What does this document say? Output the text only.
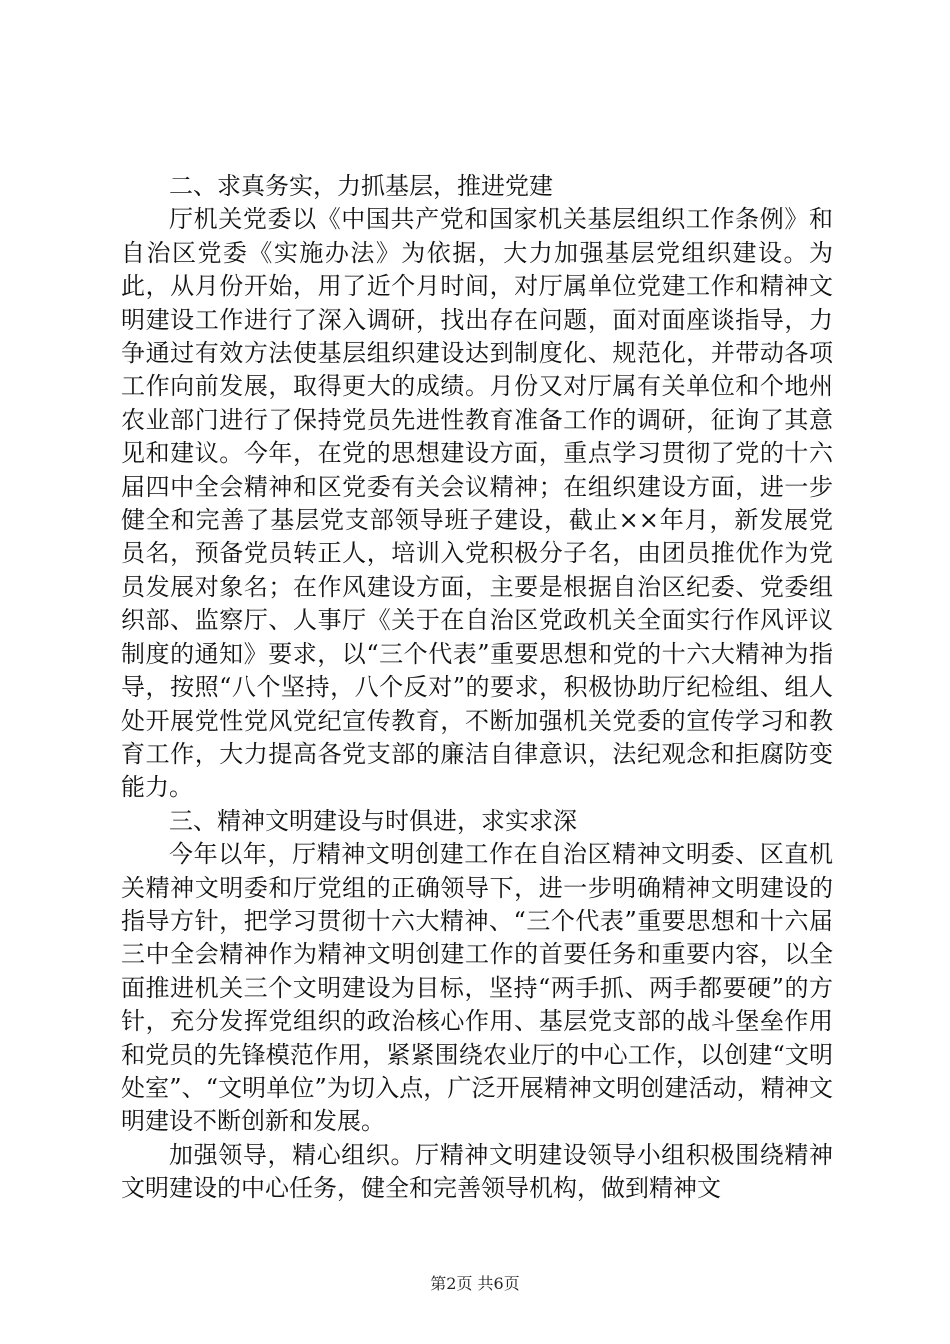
二、求真务实，力抓基层，推进党建

厅机关党委以《中国共产党和国家机关基层组织工作条例》和自治区党委《实施办法》为依据，大力加强基层党组织建设。为此，从月份开始，用了近个月时间，对厅属单位党建工作和精神文明建设工作进行了深入调研，找出存在问题，面对面座谈指导，力争通过有效方法使基层组织建设达到制度化、规范化，并带动各项工作向前发展，取得更大的成绩。月份又对厅属有关单位和个地州农业部门进行了保持党员先进性教育准备工作的调研，征询了其意见和建议。今年，在党的思想建设方面，重点学习贯彻了党的十六届四中全会精神和区党委有关会议精神；在组织建设方面，进一步健全和完善了基层党支部领导班子建设，截止××年月，新发展党员名，预备党员转正人，培训入党积极分子名，由团员推优作为党员发展对象名；在作风建设方面，主要是根据自治区纪委、党委组织部、监察厅、人事厅《关于在自治区党政机关全面实行作风评议制度的通知》要求，以“三个代表”重要思想和党的十六大精神为指导，按照“八个坚持，八个反对”的要求，积极协助厅纪检组、组人处开展党性党风党纪宣传教育，不断加强机关党委的宣传学习和教育工作，大力提高各党支部的廉洁自律意识，法纪观念和拒腐防变能力。

三、精神文明建设与时俱进，求实求深

今年以年，厅精神文明创建工作在自治区精神文明委、区直机关精神文明委和厅党组的正确领导下，进一步明确精神文明建设的指导方针，把学习贯彻十六大精神、“三个代表”重要思想和十六届三中全会精神作为精神文明创建工作的首要任务和重要内容，以全面推进机关三个文明建设为目标，坚持“两手抓、两手都要硬”的方针，充分发挥党组织的政治核心作用、基层党支部的战斗堡垒作用和党员的先锋模范作用，紧紧围绕农业厅的中心工作，以创建“文明处室”、“文明单位”为切入点，广泛开展精神文明创建活动，精神文明建设不断创新和发展。

加强领导，精心组织。厅精神文明建设领导小组积极围绕精神文明建设的中心任务，健全和完善领导机构，做到精神文

第2页 共6页
